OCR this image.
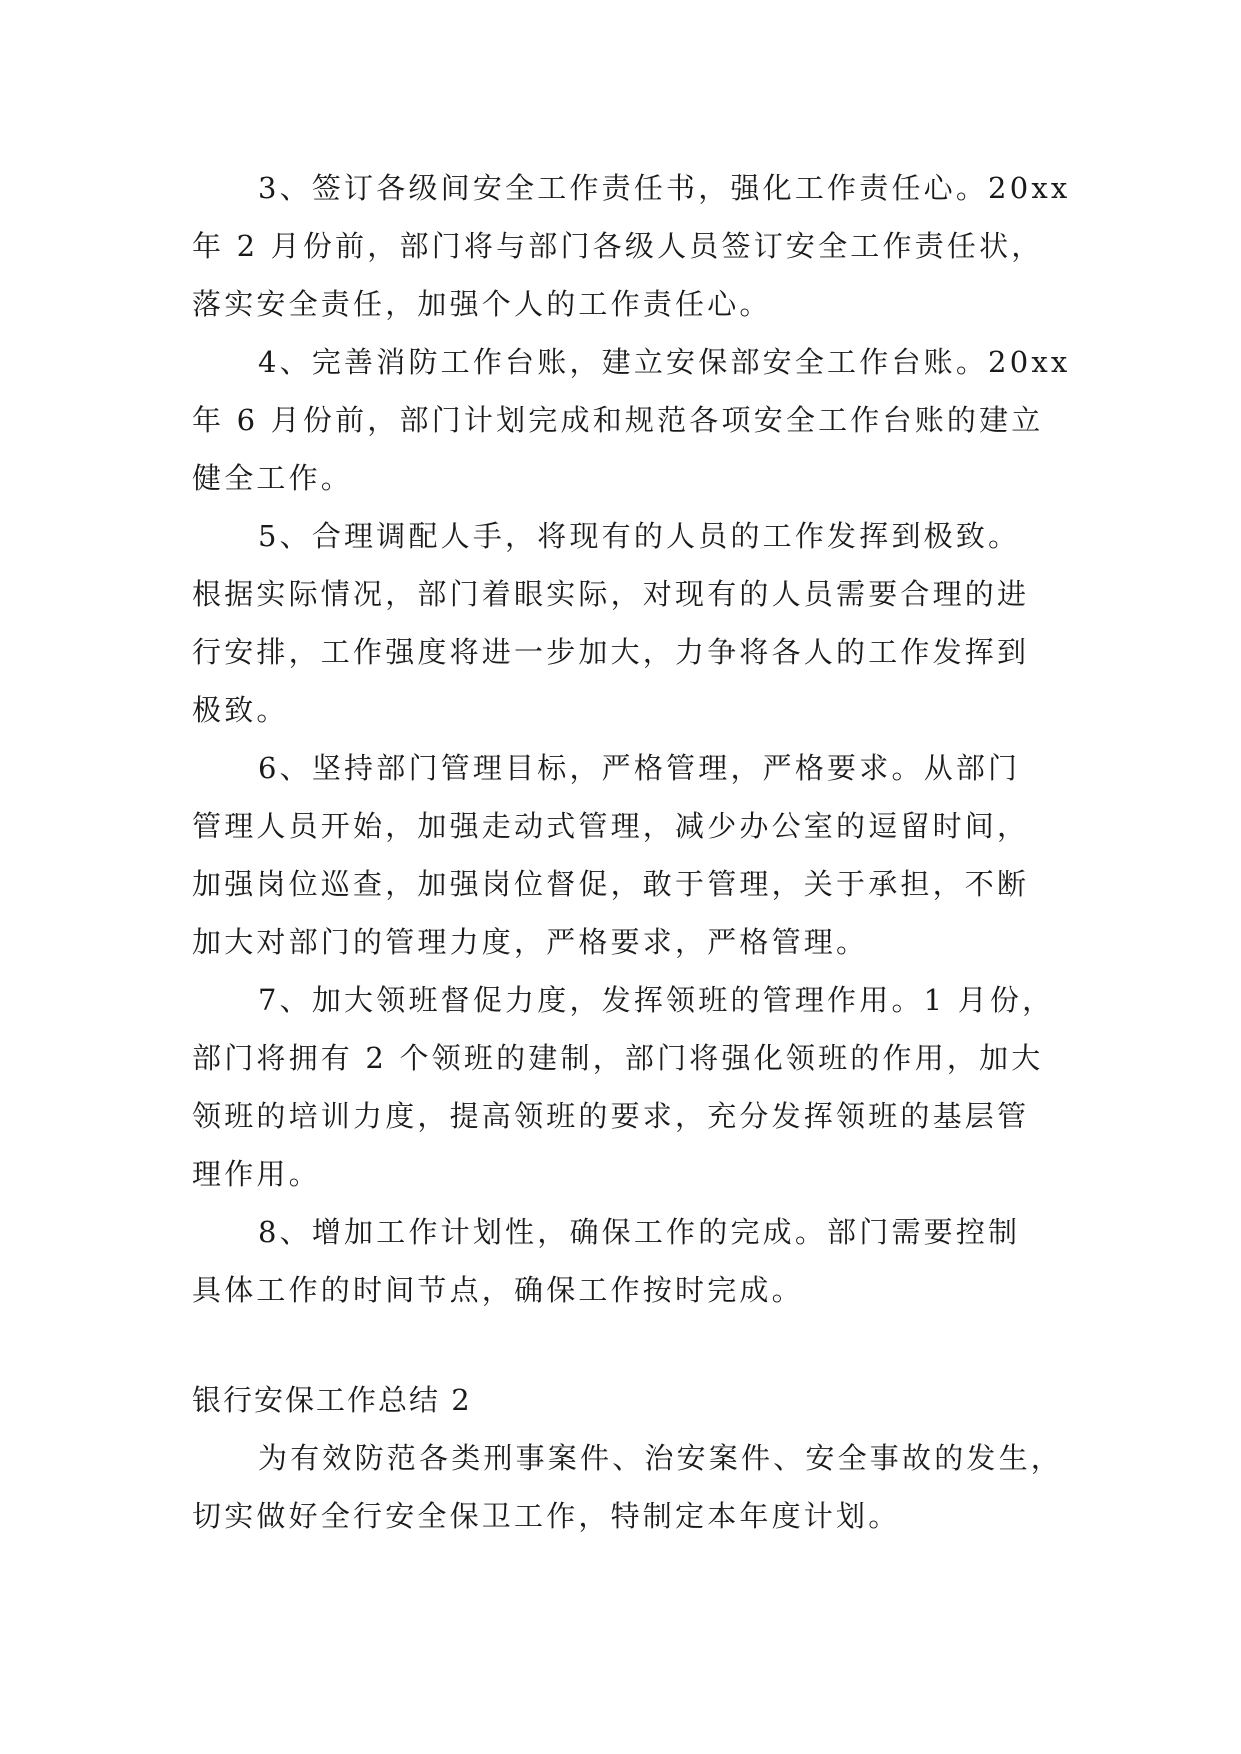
3、签订各级间安全工作责任书，强化工作责任心。20xx
年 2 月份前，部门将与部门各级人员签订安全工作责任状，
落实安全责任，加强个人的工作责任心。
4、完善消防工作台账，建立安保部安全工作台账。20xx
年 6 月份前，部门计划完成和规范各项安全工作台账的建立
健全工作。
5、合理调配人手，将现有的人员的工作发挥到极致。
根据实际情况，部门着眼实际，对现有的人员需要合理的进
行安排，工作强度将进一步加大，力争将各人的工作发挥到
极致。
6、坚持部门管理目标，严格管理，严格要求。从部门
管理人员开始，加强走动式管理，减少办公室的逗留时间，
加强岗位巡查，加强岗位督促，敢于管理，关于承担，不断
加大对部门的管理力度，严格要求，严格管理。
7、加大领班督促力度，发挥领班的管理作用。1 月份，
部门将拥有 2 个领班的建制，部门将强化领班的作用，加大
领班的培训力度，提高领班的要求，充分发挥领班的基层管
理作用。
8、增加工作计划性，确保工作的完成。部门需要控制
具体工作的时间节点，确保工作按时完成。
银行安保工作总结 2
为有效防范各类刑事案件、治安案件、安全事故的发生，
切实做好全行安全保卫工作，特制定本年度计划。
